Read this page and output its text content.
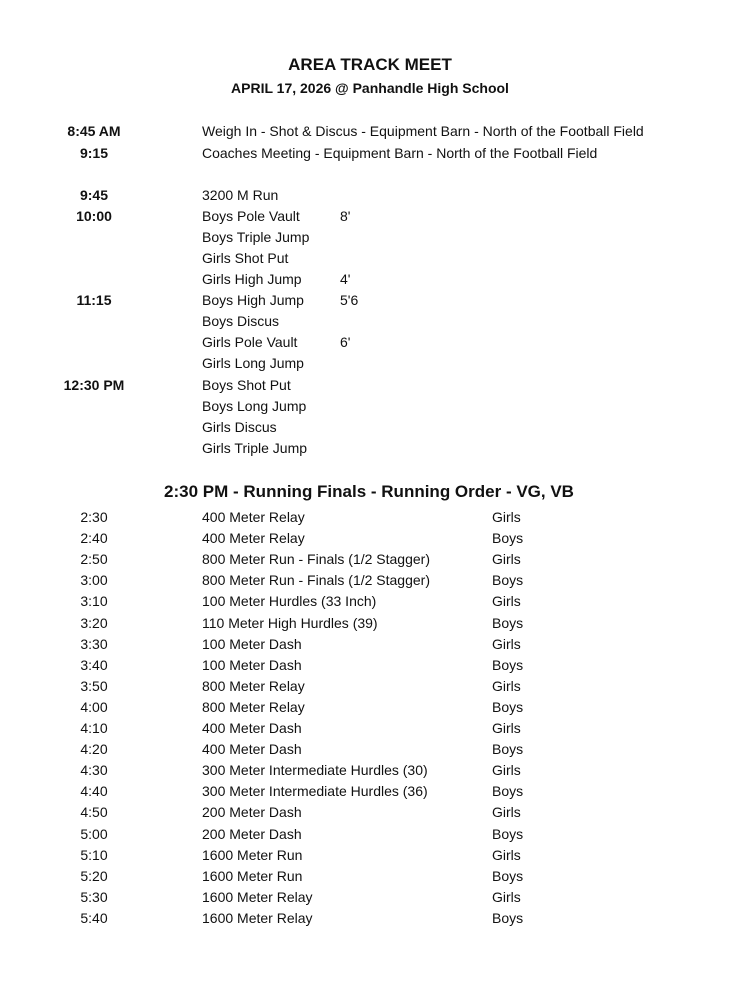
AREA TRACK MEET
APRIL 17, 2026 @ Panhandle High School
8:45 AM	Weigh In - Shot & Discus - Equipment Barn - North of the Football Field
9:15	Coaches Meeting - Equipment Barn - North of the Football Field
9:45	3200 M Run
10:00	Boys Pole Vault	8'
Boys Triple Jump
Girls Shot Put
Girls High Jump	4'
11:15	Boys High Jump	5'6
Boys Discus
Girls Pole Vault	6'
Girls Long Jump
12:30 PM	Boys Shot Put
Boys Long Jump
Girls Discus
Girls Triple Jump
2:30 PM - Running Finals - Running Order - VG, VB
2:30	400 Meter Relay	Girls
2:40	400 Meter Relay	Boys
2:50	800 Meter Run - Finals (1/2 Stagger)	Girls
3:00	800 Meter Run - Finals (1/2 Stagger)	Boys
3:10	100 Meter Hurdles (33 Inch)	Girls
3:20	110 Meter High Hurdles (39)	Boys
3:30	100 Meter Dash	Girls
3:40	100 Meter Dash	Boys
3:50	800 Meter Relay	Girls
4:00	800 Meter Relay	Boys
4:10	400 Meter Dash	Girls
4:20	400 Meter Dash	Boys
4:30	300 Meter Intermediate Hurdles (30)	Girls
4:40	300 Meter Intermediate Hurdles (36)	Boys
4:50	200 Meter Dash	Girls
5:00	200 Meter Dash	Boys
5:10	1600 Meter Run	Girls
5:20	1600 Meter Run	Boys
5:30	1600 Meter Relay	Girls
5:40	1600 Meter Relay	Boys
